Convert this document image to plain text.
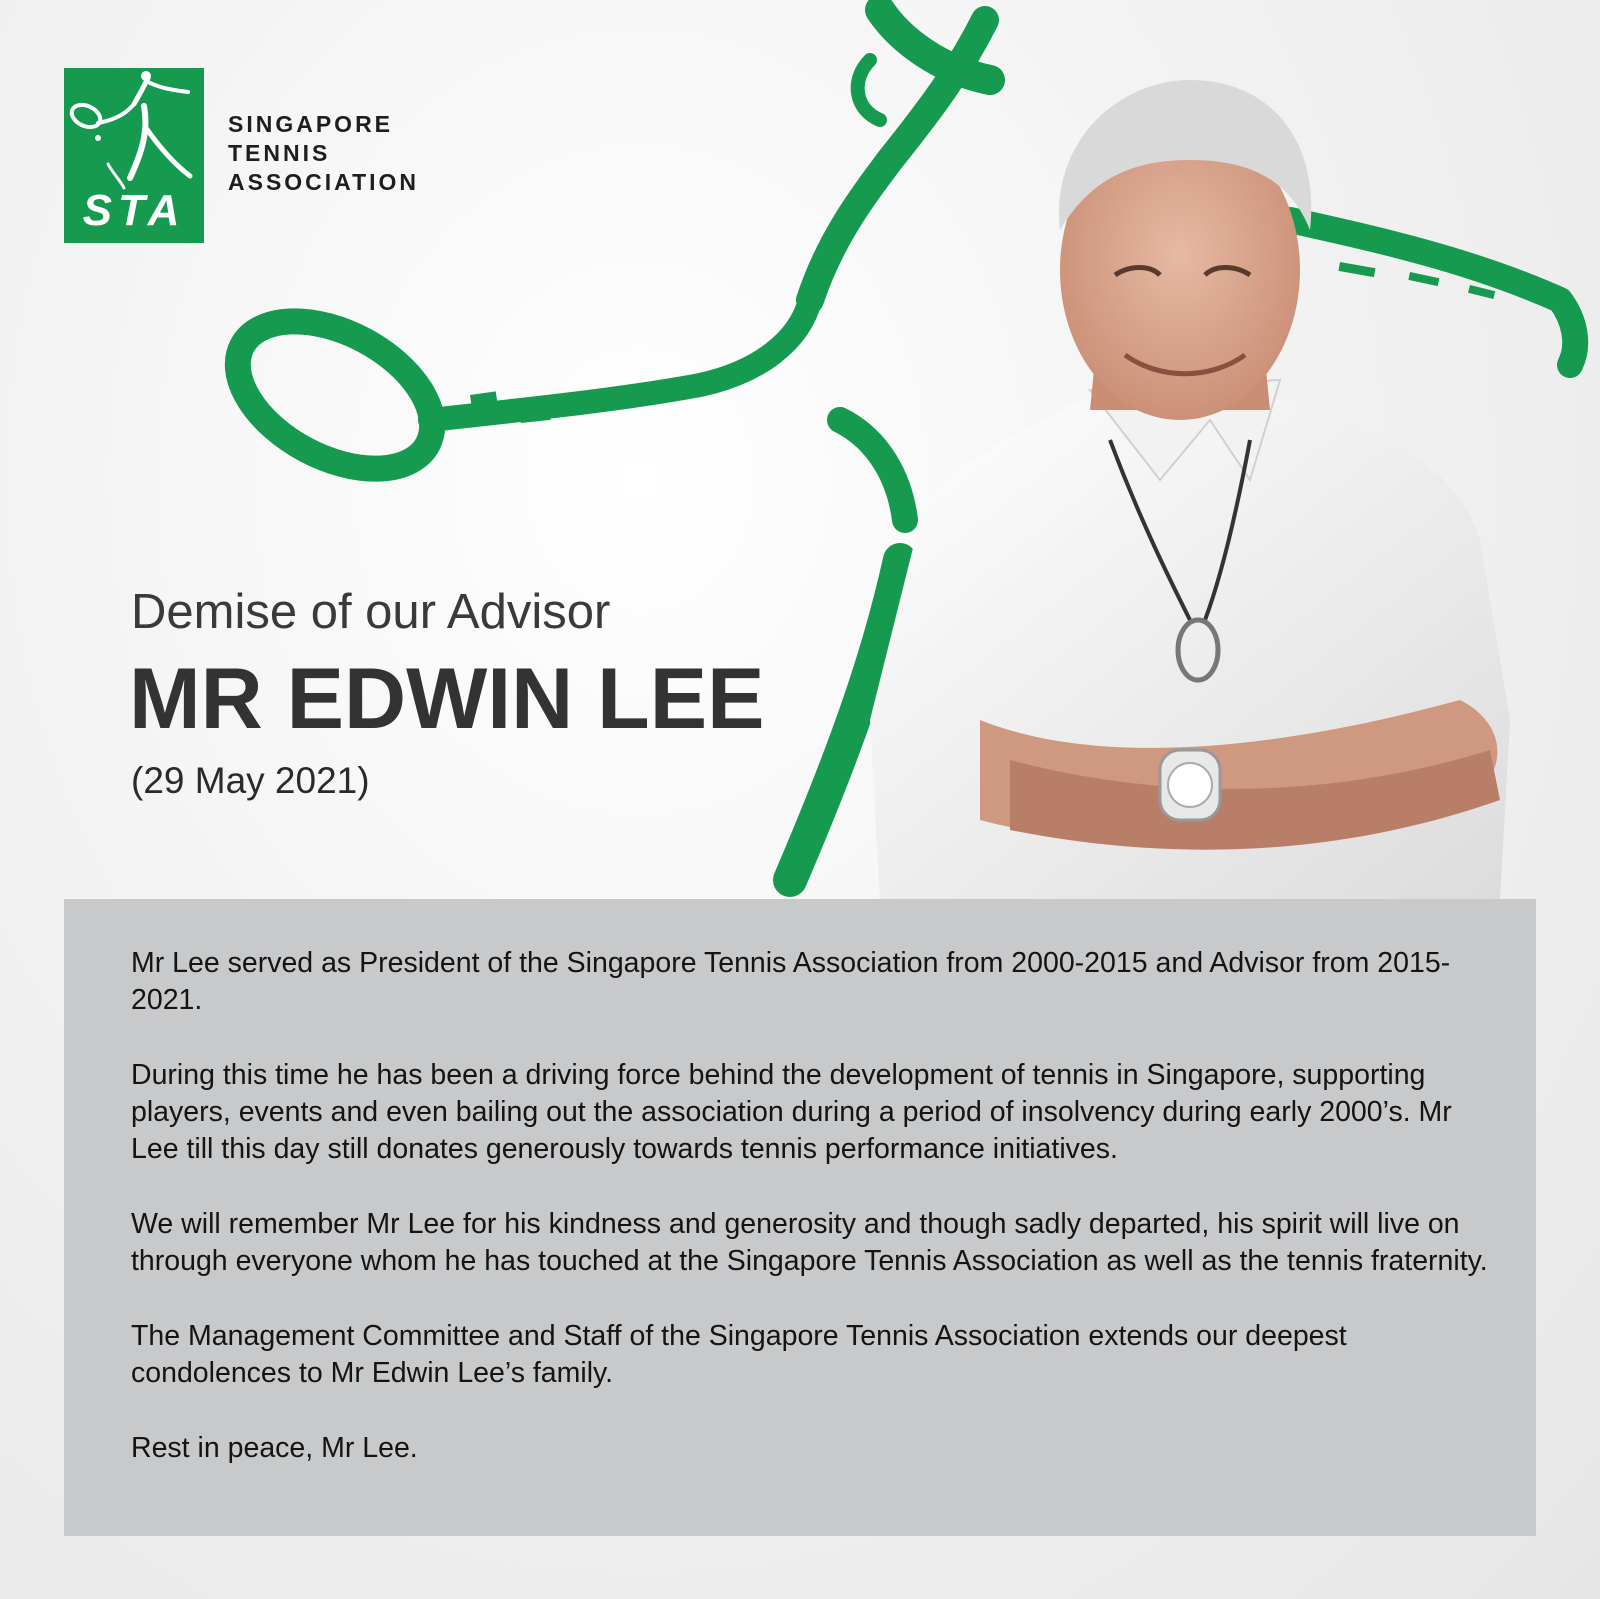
STA
SINGAPORE
TENNIS
ASSOCIATION
Demise of our Advisor
MR EDWIN LEE
(29 May 2021)

Mr Lee served as President of the Singapore Tennis Association from 2000-2015 and Advisor from 2015-2021.

During this time he has been a driving force behind the development of tennis in Singapore, supporting players, events and even bailing out the association during a period of insolvency during early 2000’s. Mr Lee till this day still donates generously towards tennis performance initiatives.

We will remember Mr Lee for his kindness and generosity and though sadly departed, his spirit will live on through everyone whom he has touched at the Singapore Tennis Association as well as the tennis fraternity.

The Management Committee and Staff of the Singapore Tennis Association extends our deepest condolences to Mr Edwin Lee’s family.

Rest in peace, Mr Lee.
